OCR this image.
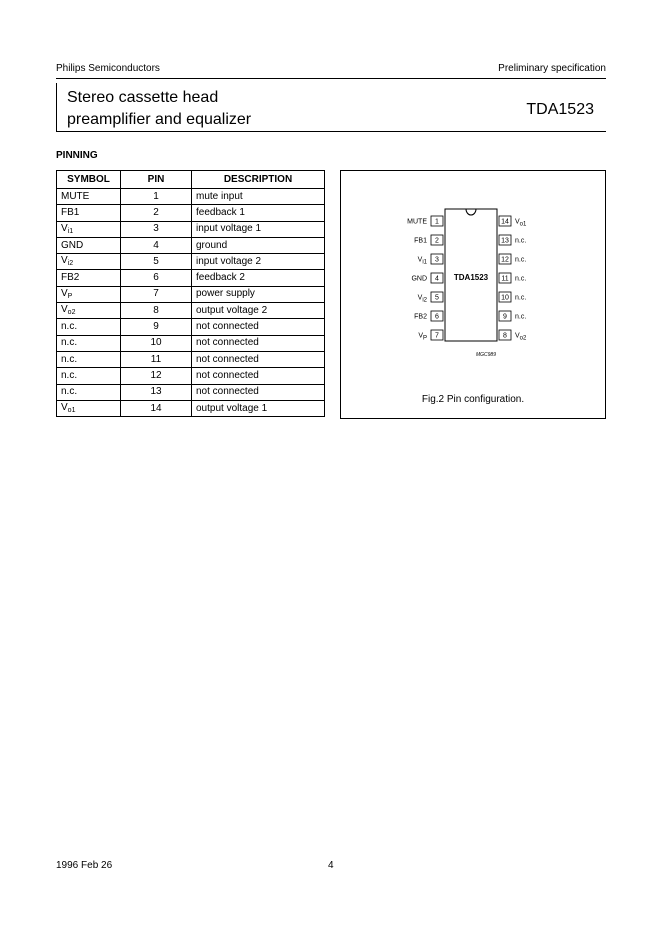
Philips Semiconductors	Preliminary specification
Stereo cassette head
preamplifier and equalizer
TDA1523
PINNING
SYMBOL	PIN	DESCRIPTION
MUTE	1	mute input
FB1	2	feedback 1
$V_{i1}$	3	input voltage 1
GND	4	ground
$V_{i2}$	5	input voltage 2
FB2	6	feedback 2
$V_P$	7	power supply
$V_{o2}$	8	output voltage 2
n.c.	9	not connected
n.c.	10	not connected
n.c.	11	not connected
n.c.	12	not connected
n.c.	13	not connected
$V_{o1}$	14	output voltage 1
TDA1523
MGC989
1
MUTE
2
FB1
3
Vi1
4
GND
5
Vi2
6
FB2
7
VP
14 Vo1
13 n.c.
12 n.c.
11 n.c.
10 n.c.
9 n.c.
8 Vo2
Fig.2 Pin configuration.
1996 Feb 26	4
